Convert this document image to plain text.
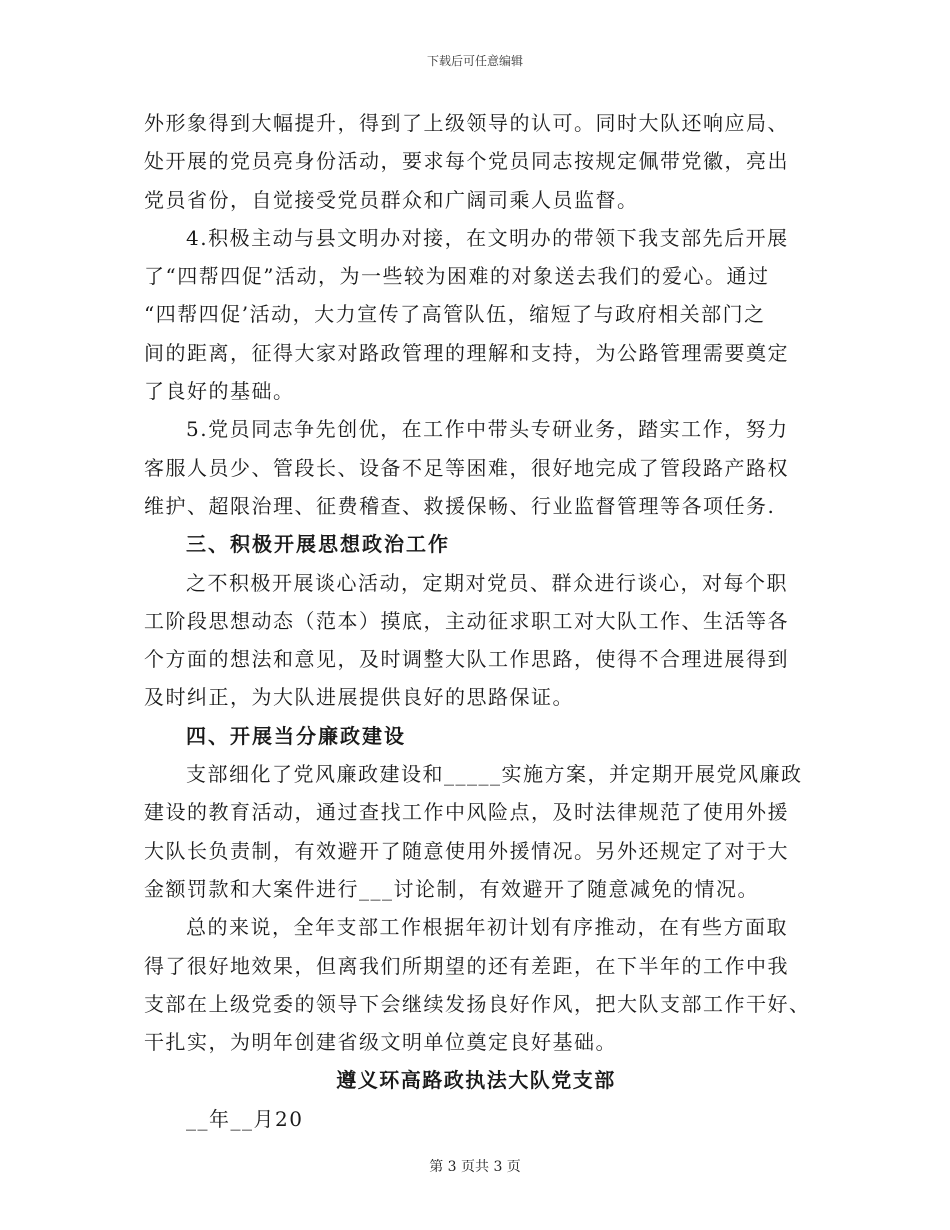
下载后可任意编辑
外形象得到大幅提升，得到了上级领导的认可。同时大队还响应局、
处开展的党员亮身份活动，要求每个党员同志按规定佩带党徽，亮出
党员省份，自觉接受党员群众和广阔司乘人员监督。
4.积极主动与县文明办对接，在文明办的带领下我支部先后开展
了“四帮四促”活动，为一些较为困难的对象送去我们的爱心。通过
“四帮四促’活动，大力宣传了高管队伍，缩短了与政府相关部门之
间的距离，征得大家对路政管理的理解和支持，为公路管理需要奠定
了良好的基础。
5.党员同志争先创优，在工作中带头专研业务，踏实工作，努力
客服人员少、管段长、设备不足等困难，很好地完成了管段路产路权
维护、超限治理、征费稽查、救援保畅、行业监督管理等各项任务.
三、积极开展思想政治工作
之不积极开展谈心活动，定期对党员、群众进行谈心，对每个职
工阶段思想动态（范本）摸底，主动征求职工对大队工作、生活等各
个方面的想法和意见，及时调整大队工作思路，使得不合理进展得到
及时纠正，为大队进展提供良好的思路保证。
四、开展当分廉政建设
支部细化了党风廉政建设和_____实施方案，并定期开展党风廉政
建设的教育活动，通过查找工作中风险点，及时法律规范了使用外援
大队长负责制，有效避开了随意使用外援情况。另外还规定了对于大
金额罚款和大案件进行___讨论制，有效避开了随意减免的情况。
总的来说，全年支部工作根据年初计划有序推动，在有些方面取
得了很好地效果，但离我们所期望的还有差距，在下半年的工作中我
支部在上级党委的领导下会继续发扬良好作风，把大队支部工作干好、
干扎实，为明年创建省级文明单位奠定良好基础。
遵义环高路政执法大队党支部
__年__月20
第 3 页共 3 页
